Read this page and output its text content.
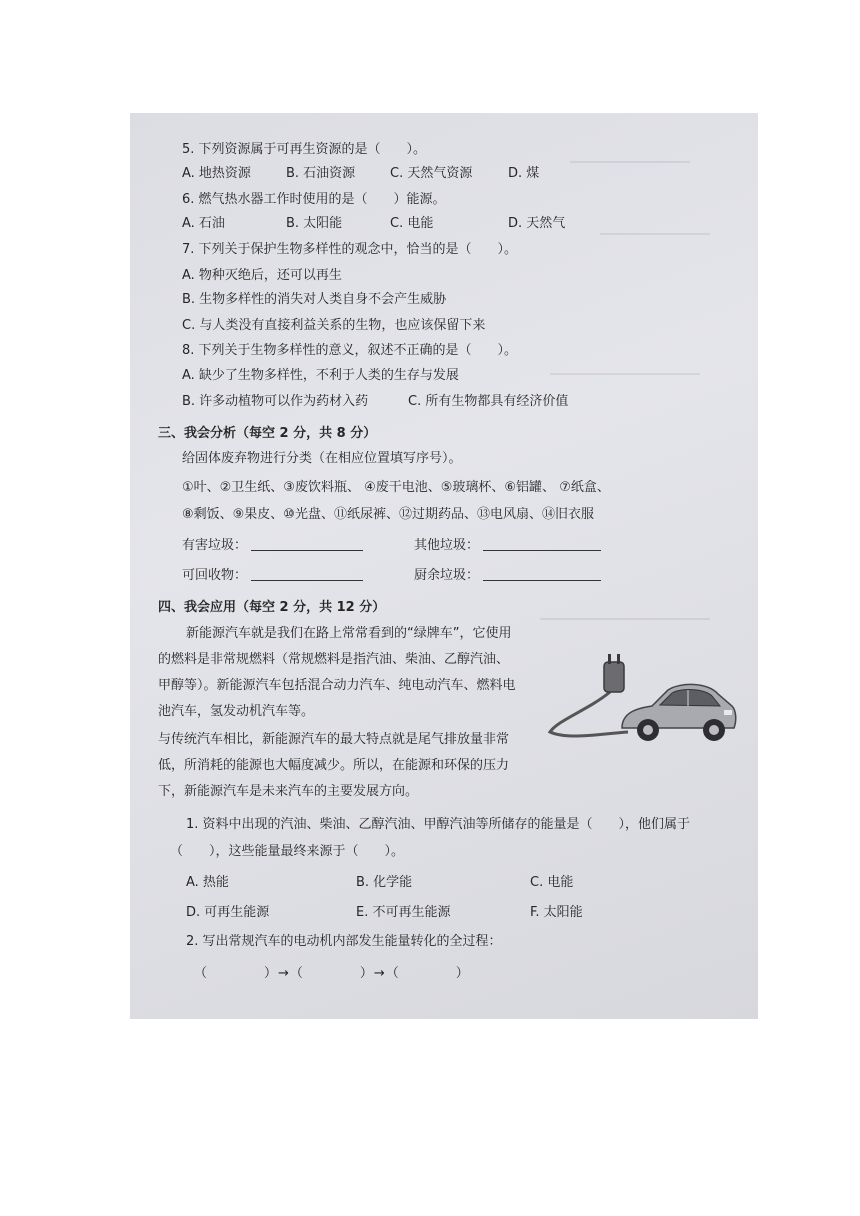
5. 下列资源属于可再生资源的是（　　）。
A. 地热资源	B. 石油资源	C. 天然气资源	D. 煤
6. 燃气热水器工作时使用的是（　　）能源。
A. 石油	B. 太阳能	C. 电能	D. 天然气
7. 下列关于保护生物多样性的观念中，恰当的是（　　）。
A. 物种灭绝后，还可以再生
B. 生物多样性的消失对人类自身不会产生威胁
C. 与人类没有直接利益关系的生物，也应该保留下来
8. 下列关于生物多样性的意义，叙述不正确的是（　　）。
A. 缺少了生物多样性，不利于人类的生存与发展
B. 许多动植物可以作为药材入药	C. 所有生物都具有经济价值
三、我会分析（每空 2 分，共 8 分）
给固体废弃物进行分类（在相应位置填写序号）。
①叶、②卫生纸、③废饮料瓶、 ④废干电池、⑤玻璃杯、⑥铝罐、 ⑦纸盒、
⑧剩饭、⑨果皮、⑩光盘、⑪纸尿裤、⑫过期药品、⑬电风扇、⑭旧衣服
有害垃圾：	其他垃圾：
可回收物：	厨余垃圾：
四、我会应用（每空 2 分，共 12 分）
新能源汽车就是我们在路上常常看到的“绿牌车”，它使用
的燃料是非常规燃料（常规燃料是指汽油、柴油、乙醇汽油、
甲醇等）。新能源汽车包括混合动力汽车、纯电动汽车、燃料电
池汽车，氢发动机汽车等。
与传统汽车相比，新能源汽车的最大特点就是尾气排放量非常
低，所消耗的能源也大幅度减少。所以，在能源和环保的压力
下，新能源汽车是未来汽车的主要发展方向。
1. 资料中出现的汽油、柴油、乙醇汽油、甲醇汽油等所储存的能量是（　　），他们属于
（　　），这些能量最终来源于（　　）。
A. 热能	B. 化学能	C. 电能
D. 可再生能源	E. 不可再生能源	F. 太阳能
2. 写出常规汽车的电动机内部发生能量转化的全过程：
（　　　　）→（　　　　）→（　　　　）
